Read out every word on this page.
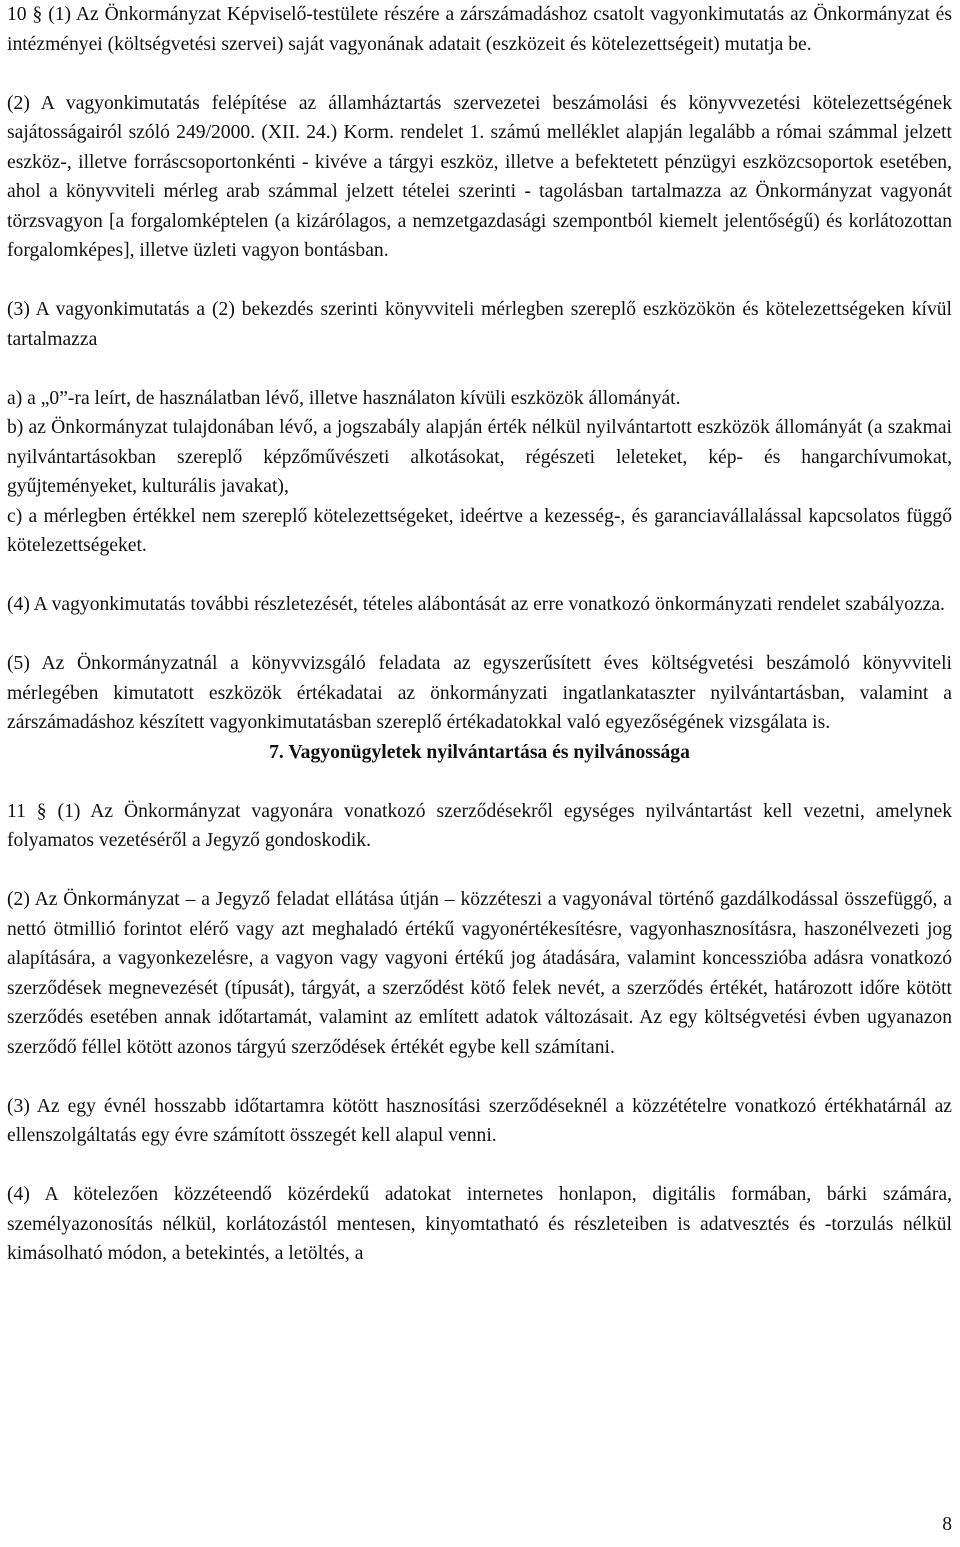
10 § (1) Az Önkormányzat Képviselő-testülete részére a zárszámadáshoz csatolt vagyonkimutatás az Önkormányzat és intézményei (költségvetési szervei) saját vagyonának adatait (eszközeit és kötelezettségeit) mutatja be.

(2) A vagyonkimutatás felépítése az államháztartás szervezetei beszámolási és könyvvezetési kötelezettségének sajátosságairól szóló 249/2000. (XII. 24.) Korm. rendelet 1. számú melléklet alapján legalább a római számmal jelzett eszköz-, illetve forráscsoportonkénti - kivéve a tárgyi eszköz, illetve a befektetett pénzügyi eszközcsoportok esetében, ahol a könyvviteli mérleg arab számmal jelzett tételei szerinti - tagolásban tartalmazza az Önkormányzat vagyonát törzsvagyon [a forgalomképtelen (a kizárólagos, a nemzetgazdasági szempontból kiemelt jelentőségű) és korlátozottan forgalomképes], illetve üzleti vagyon bontásban.

(3) A vagyonkimutatás a (2) bekezdés szerinti könyvviteli mérlegben szereplő eszközökön és kötelezettségeken kívül tartalmazza

a) a „0”-ra leírt, de használatban lévő, illetve használaton kívüli eszközök állományát.

b) az Önkormányzat tulajdonában lévő, a jogszabály alapján érték nélkül nyilvántartott eszközök állományát (a szakmai nyilvántartásokban szereplő képzőművészeti alkotásokat, régészeti leleteket, kép- és hangarchívumokat, gyűjteményeket, kulturális javakat),

c) a mérlegben értékkel nem szereplő kötelezettségeket, ideértve a kezesség-, és garanciavállalással kapcsolatos függő kötelezettségeket.

(4) A vagyonkimutatás további részletezését, tételes alábontását az erre vonatkozó önkormányzati rendelet szabályozza.

(5) Az Önkormányzatnál a könyvvizsgáló feladata az egyszerűsített éves költségvetési beszámoló könyvviteli mérlegében kimutatott eszközök értékadatai az önkormányzati ingatlankataszter nyilvántartásban, valamint a zárszámadáshoz készített vagyonkimutatásban szereplő értékadatokkal való egyezőségének vizsgálata is.

7. Vagyonügyletek nyilvántartása és nyilvánossága

11 § (1) Az Önkormányzat vagyonára vonatkozó szerződésekről egységes nyilvántartást kell vezetni, amelynek folyamatos vezetéséről a Jegyző gondoskodik.

(2) Az Önkormányzat – a Jegyző feladat ellátása útján – közzéteszi a vagyonával történő gazdálkodással összefüggő, a nettó ötmillió forintot elérő vagy azt meghaladó értékű vagyonértékesítésre, vagyonhasznosításra, haszonélvezeti jog alapítására, a vagyonkezelésre, a vagyon vagy vagyoni értékű jog átadására, valamint koncesszióba adásra vonatkozó szerződések megnevezését (típusát), tárgyát, a szerződést kötő felek nevét, a szerződés értékét, határozott időre kötött szerződés esetében annak időtartamát, valamint az említett adatok változásait. Az egy költségvetési évben ugyanazon szerződő féllel kötött azonos tárgyú szerződések értékét egybe kell számítani.

(3) Az egy évnél hosszabb időtartamra kötött hasznosítási szerződéseknél a közzétételre vonatkozó értékhatárnál az ellenszolgáltatás egy évre számított összegét kell alapul venni.

(4) A kötelezően közzéteendő közérdekű adatokat internetes honlapon, digitális formában, bárki számára, személyazonosítás nélkül, korlátozástól mentesen, kinyomtatható és részleteiben is adatvesztés és -torzulás nélkül kimásolható módon, a betekintés, a letöltés, a

8
